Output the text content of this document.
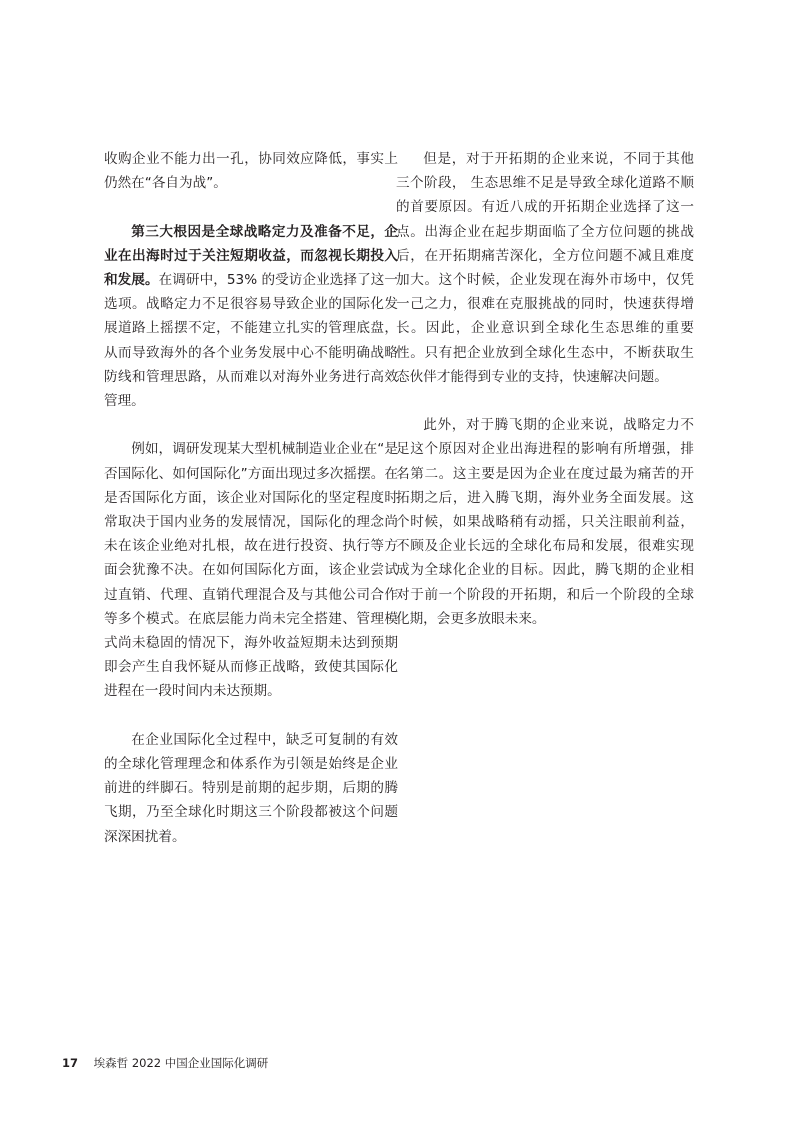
收购企业不能力出一孔，协同效应降低，事实上仍然在“各自为战”。

第三大根因是全球战略定力及准备不足，企业在出海时过于关注短期收益，而忽视长期投入和发展。在调研中，53% 的受访企业选择了这一选项。战略定力不足很容易导致企业的国际化发展道路上摇摆不定，不能建立扎实的管理底盘，从而导致海外的各个业务发展中心不能明确战略防线和管理思路，从而难以对海外业务进行高效管理。

例如，调研发现某大型机械制造业企业在“是否国际化、如何国际化”方面出现过多次摇摆。在是否国际化方面，该企业对国际化的坚定程度时常取决于国内业务的发展情况，国际化的理念尚未在该企业绝对扎根，故在进行投资、执行等方面会犹豫不决。在如何国际化方面，该企业尝试过直销、代理、直销代理混合及与其他公司合作等多个模式。在底层能力尚未完全搭建、管理模式尚未稳固的情况下，海外收益短期未达到预期即会产生自我怀疑从而修正战略，致使其国际化进程在一段时间内未达预期。

在企业国际化全过程中，缺乏可复制的有效的全球化管理理念和体系作为引领是始终是企业前进的绊脚石。特别是前期的起步期，后期的腾飞期，乃至全球化时期这三个阶段都被这个问题深深困扰着。

但是，对于开拓期的企业来说，不同于其他三个阶段， 生态思维不足是导致全球化道路不顺的首要原因。有近八成的开拓期企业选择了这一点。出海企业在起步期面临了全方位问题的挑战后，在开拓期痛苦深化，全方位问题不减且难度加大。这个时候，企业发现在海外市场中，仅凭一己之力，很难在克服挑战的同时，快速获得增长。因此，企业意识到全球化生态思维的重要性。只有把企业放到全球化生态中，不断获取生态伙伴才能得到专业的支持，快速解决问题。

此外，对于腾飞期的企业来说，战略定力不足这个原因对企业出海进程的影响有所增强，排名第二。这主要是因为企业在度过最为痛苦的开拓期之后，进入腾飞期，海外业务全面发展。这个时候，如果战略稍有动摇，只关注眼前利益，不顾及企业长远的全球化布局和发展，很难实现成为全球化企业的目标。因此，腾飞期的企业相对于前一个阶段的开拓期，和后一个阶段的全球化期，会更多放眼未来。

17 埃森哲 2022 中国企业国际化调研
